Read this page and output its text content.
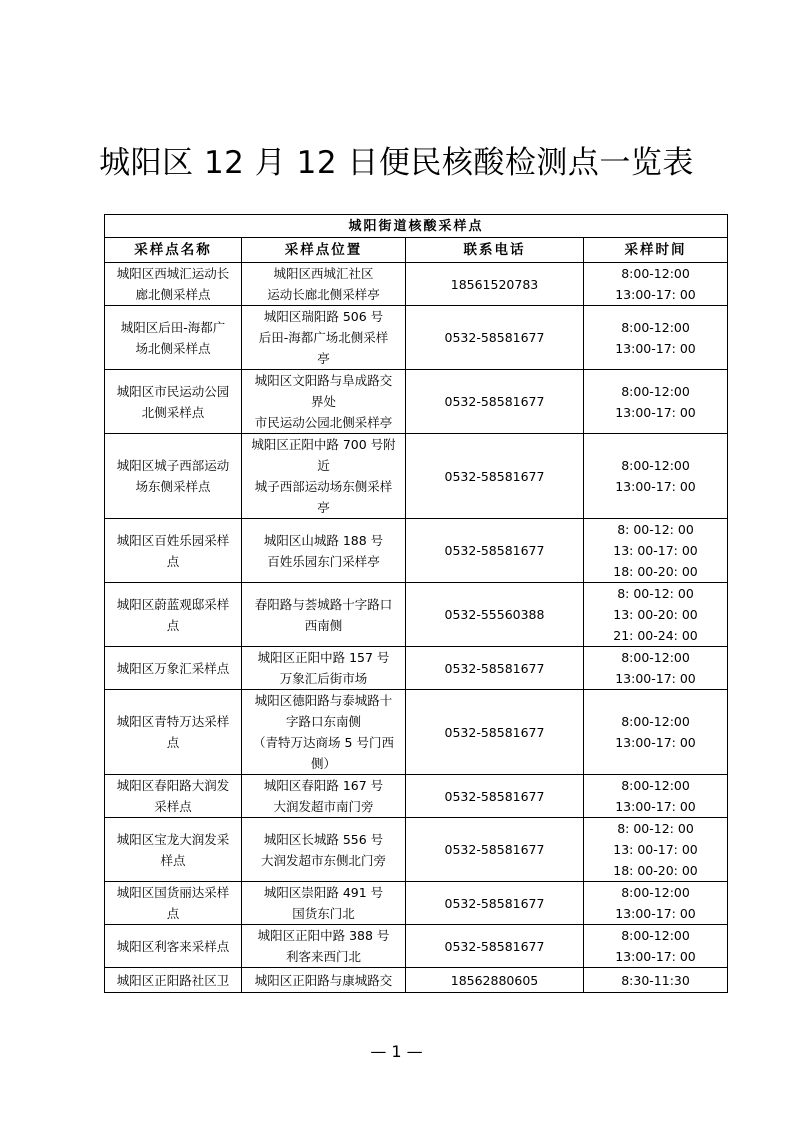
城阳区 12 月 12 日便民核酸检测点一览表
城阳街道核酸采样点			
采样点名称	采样点位置	联系电话	采样时间

城阳区西城汇运动长
廊北侧采样点	城阳区西城汇社区
运动长廊北侧采样亭	18561520783	8:00-12:00
13:00-17: 00

城阳区后田-海都广
场北侧采样点	城阳区瑞阳路 506 号
后田-海都广场北侧采样
亭	0532-58581677	8:00-12:00
13:00-17: 00

城阳区市民运动公园
北侧采样点	城阳区文阳路与阜成路交
界处
市民运动公园北侧采样亭	0532-58581677	8:00-12:00
13:00-17: 00

城阳区城子西部运动
场东侧采样点	城阳区正阳中路 700 号附
近
城子西部运动场东侧采样
亭	0532-58581677	8:00-12:00
13:00-17: 00

城阳区百姓乐园采样
点	城阳区山城路 188 号
百姓乐园东门采样亭	0532-58581677	8: 00-12: 00
13: 00-17: 00
18: 00-20: 00

城阳区蔚蓝观邸采样
点	春阳路与荟城路十字路口
西南侧	0532-55560388	8: 00-12: 00
13: 00-20: 00
21: 00-24: 00

城阳区万象汇采样点	城阳区正阳中路 157 号
万象汇后街市场	0532-58581677	8:00-12:00
13:00-17: 00

城阳区青特万达采样
点	城阳区德阳路与泰城路十
字路口东南侧
（青特万达商场 5 号门西
侧）	0532-58581677	8:00-12:00
13:00-17: 00

城阳区春阳路大润发
采样点	城阳区春阳路 167 号
大润发超市南门旁	0532-58581677	8:00-12:00
13:00-17: 00

城阳区宝龙大润发采
样点	城阳区长城路 556 号
大润发超市东侧北门旁	0532-58581677	8: 00-12: 00
13: 00-17: 00
18: 00-20: 00

城阳区国货丽达采样
点	城阳区崇阳路 491 号
国货东门北	0532-58581677	8:00-12:00
13:00-17: 00

城阳区利客来采样点	城阳区正阳中路 388 号
利客来西门北	0532-58581677	8:00-12:00
13:00-17: 00

城阳区正阳路社区卫	城阳区正阳路与康城路交	18562880605	8:30-11:30
— 1 —
